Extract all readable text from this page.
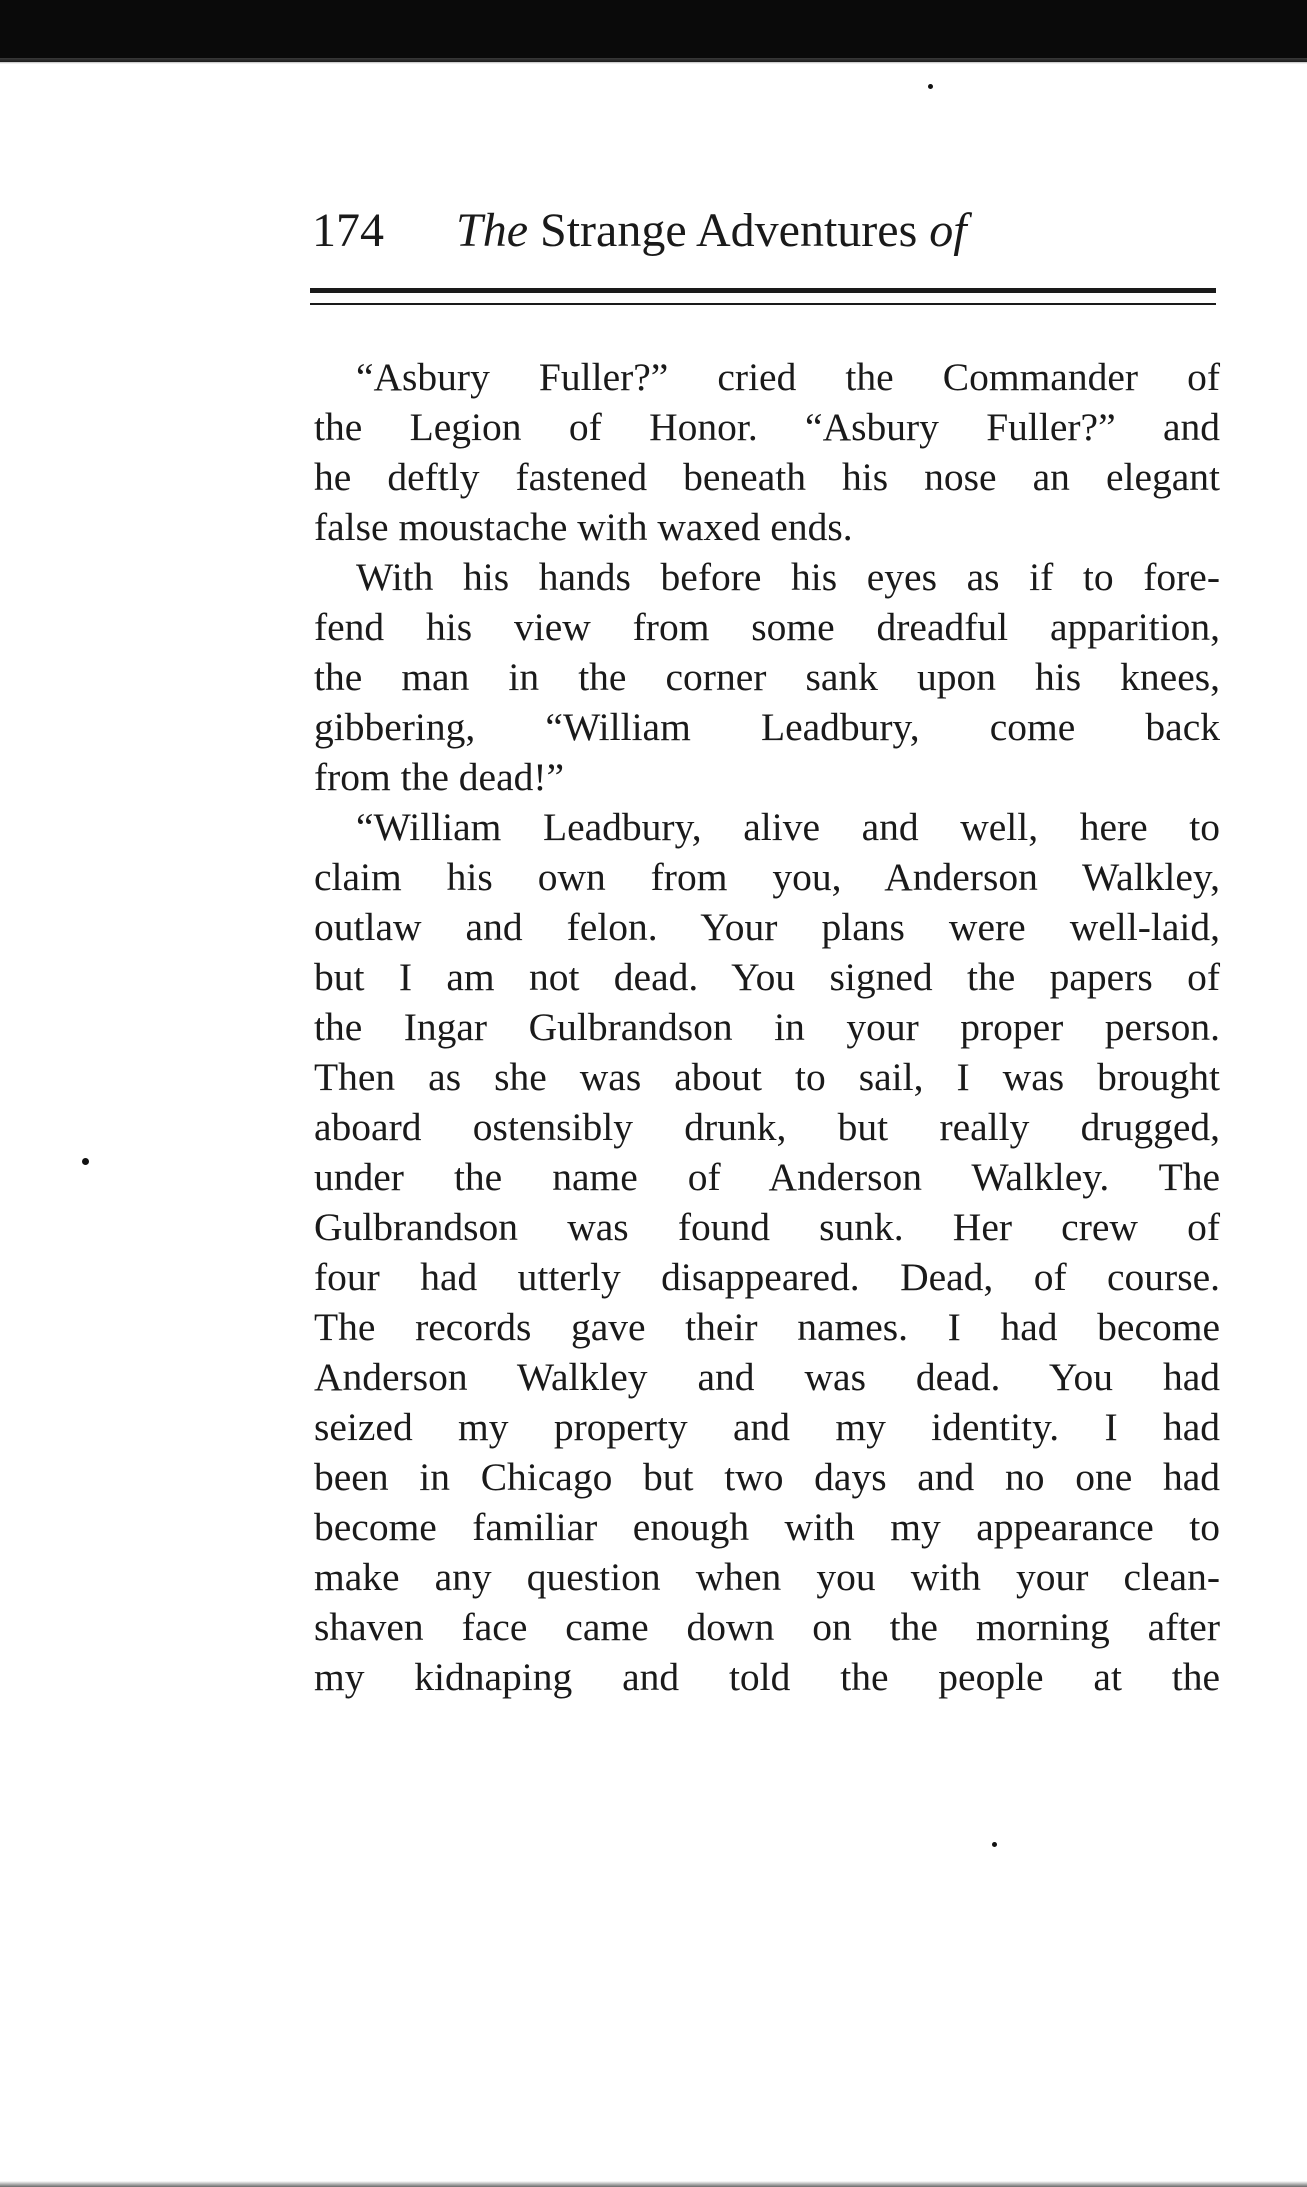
174 The Strange Adventures of
“Asbury Fuller?” cried the Commander of
the Legion of Honor. “Asbury Fuller?” and
he deftly fastened beneath his nose an elegant
false moustache with waxed ends.
With his hands before his eyes as if to fore-
fend his view from some dreadful apparition,
the man in the corner sank upon his knees,
gibbering, “William Leadbury, come back
from the dead!”
“William Leadbury, alive and well, here to
claim his own from you, Anderson Walkley,
outlaw and felon. Your plans were well-laid,
but I am not dead. You signed the papers of
the Ingar Gulbrandson in your proper person.
Then as she was about to sail, I was brought
aboard ostensibly drunk, but really drugged,
under the name of Anderson Walkley. The
Gulbrandson was found sunk. Her crew of
four had utterly disappeared. Dead, of course.
The records gave their names. I had become
Anderson Walkley and was dead. You had
seized my property and my identity. I had
been in Chicago but two days and no one had
become familiar enough with my appearance to
make any question when you with your clean-
shaven face came down on the morning after
my kidnaping and told the people at the
